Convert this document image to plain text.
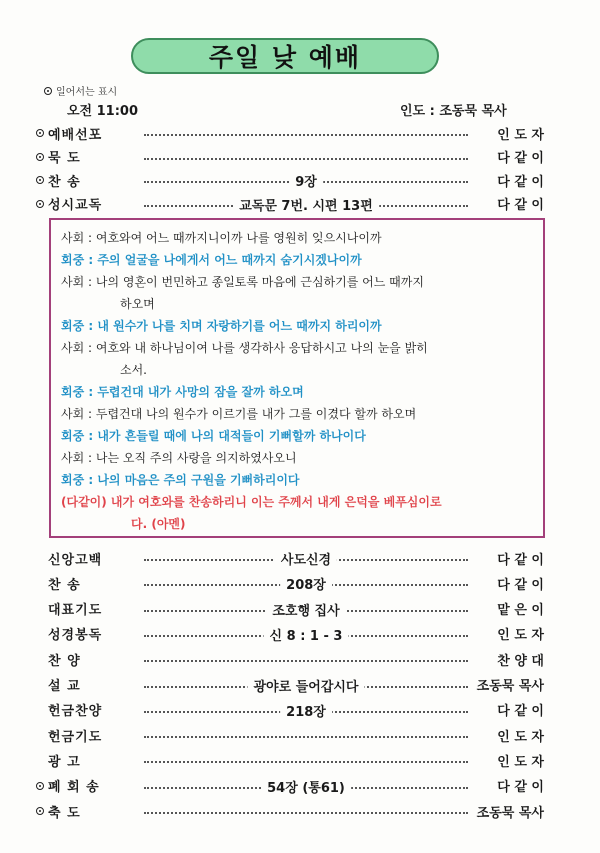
주일 낮 예배
일어서는 표시
오전 11:00	인도 : 조동묵 목사
예배선포	인 도 자
묵 도	다 같 이
찬 송	9장	다 같 이
성시교독	교독문 7번. 시편 13편	다 같 이
사회 : 여호와여 어느 때까지니이까 나를 영원히 잊으시나이까
회중 : 주의 얼굴을 나에게서 어느 때까지 숨기시겠나이까
사회 : 나의 영혼이 번민하고 종일토록 마음에 근심하기를 어느 때까지
하오며
회중 : 내 원수가 나를 치며 자랑하기를 어느 때까지 하리이까
사회 : 여호와 내 하나님이여 나를 생각하사 응답하시고 나의 눈을 밝히
소서.
회중 : 두렵건대 내가 사망의 잠을 잘까 하오며
사회 : 두렵건대 나의 원수가 이르기를 내가 그를 이겼다 할까 하오며
회중 : 내가 흔들릴 때에 나의 대적들이 기뻐할까 하나이다
사회 : 나는 오직 주의 사랑을 의지하였사오니
회중 : 나의 마음은 주의 구원을 기뻐하리이다
(다같이) 내가 여호와를 찬송하리니 이는 주께서 내게 은덕을 베푸심이로
다. (아멘)
신앙고백	사도신경	다 같 이
찬 송	208장	다 같 이
대표기도	조호행 집사	맡 은 이
성경봉독	신 8 : 1 - 3	인 도 자
찬 양	찬 양 대
설 교	광야로 들어갑시다	조동묵 목사
헌금찬양	218장	다 같 이
헌금기도	인 도 자
광 고	인 도 자
폐 회 송	54장 (통61)	다 같 이
축 도	조동묵 목사
